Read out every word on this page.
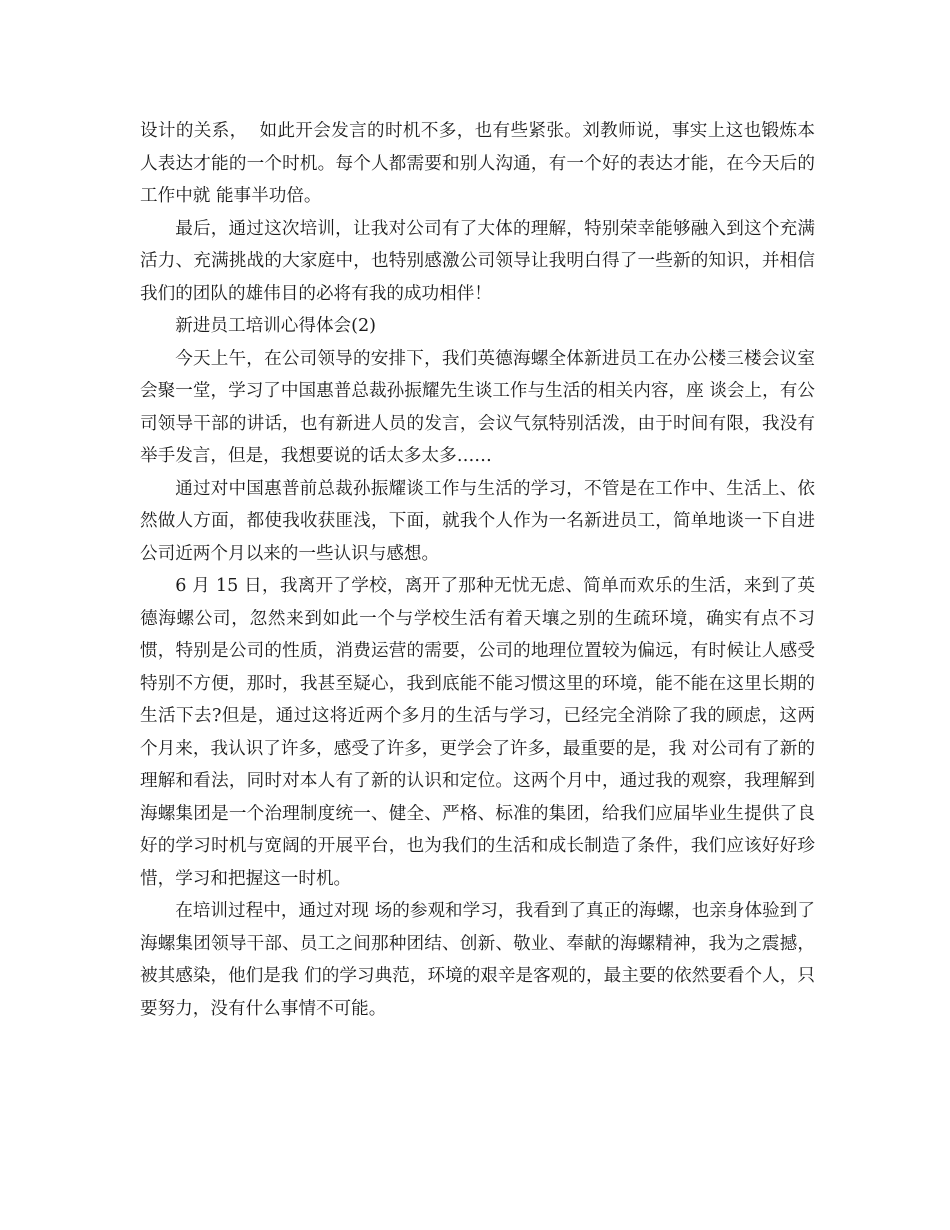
设计的关系，  如此开会发言的时机不多，也有些紧张。刘教师说，事实上这也锻炼本人表达才能的一个时机。每个人都需要和别人沟通，有一个好的表达才能，在今天后的工作中就 能事半功倍。

最后，通过这次培训，让我对公司有了大体的理解，特别荣幸能够融入到这个充满活力、充满挑战的大家庭中，也特别感激公司领导让我明白得了一些新的知识，并相信我们的团队的雄伟目的必将有我的成功相伴！

新进员工培训心得体会(2)

今天上午，在公司领导的安排下，我们英德海螺全体新进员工在办公楼三楼会议室会聚一堂，学习了中国惠普总裁孙振耀先生谈工作与生活的相关内容，座 谈会上，有公司领导干部的讲话，也有新进人员的发言，会议气氛特别活泼，由于时间有限，我没有举手发言，但是，我想要说的话太多太多……

通过对中国惠普前总裁孙振耀谈工作与生活的学习，不管是在工作中、生活上、依然做人方面，都使我收获匪浅，下面，就我个人作为一名新进员工，简单地谈一下自进公司近两个月以来的一些认识与感想。

6 月 15 日，我离开了学校，离开了那种无忧无虑、简单而欢乐的生活，来到了英德海螺公司，忽然来到如此一个与学校生活有着天壤之别的生疏环境，确实有点不习 惯，特别是公司的性质，消费运营的需要，公司的地理位置较为偏远，有时候让人感受特别不方便，那时，我甚至疑心，我到底能不能习惯这里的环境，能不能在这里长期的生活下去?但是，通过这将近两个多月的生活与学习，已经完全消除了我的顾虑，这两个月来，我认识了许多，感受了许多，更学会了许多，最重要的是，我 对公司有了新的理解和看法，同时对本人有了新的认识和定位。这两个月中，通过我的观察，我理解到海螺集团是一个治理制度统一、健全、严格、标准的集团，给我们应届毕业生提供了良好的学习时机与宽阔的开展平台，也为我们的生活和成长制造了条件，我们应该好好珍惜，学习和把握这一时机。

在培训过程中，通过对现 场的参观和学习，我看到了真正的海螺，也亲身体验到了海螺集团领导干部、员工之间那种团结、创新、敬业、奉献的海螺精神，我为之震撼，被其感染，他们是我 们的学习典范，环境的艰辛是客观的，最主要的依然要看个人，只要努力，没有什么事情不可能。
